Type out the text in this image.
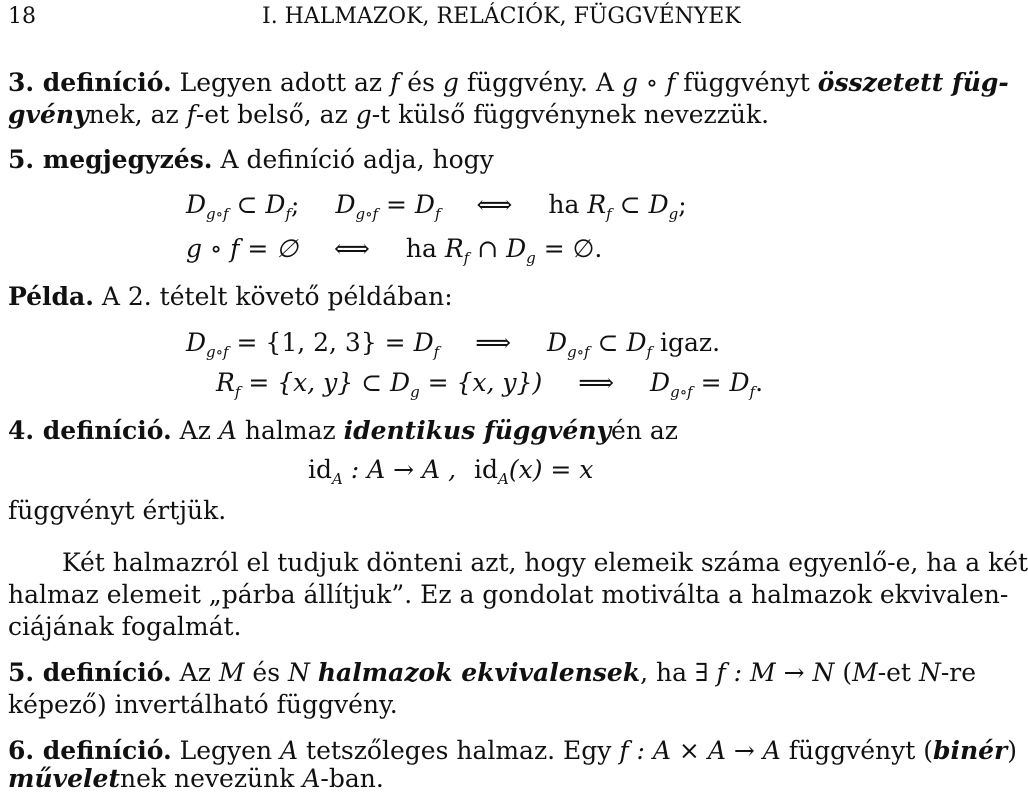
18	I. HALMAZOK, RELÁCIÓK, FÜGGVÉNYEK
3. definíció. Legyen adott az f és g függvény. A g ∘ f függvényt összetett füg-
gvénynek, az f-et belső, az g-t külső függvénynek nevezzük.
5. megjegyzés. A definíció adja, hogy
$D_{g\circ f}$ ⊂ $D_f$; $D_{g\circ f} = D_f$ ⟺ ha $R_f$ ⊂ $D_g$;
g ∘ f = ∅ ⟺ ha $R_f$ ∩ $D_g$ = ∅.
Példa. A 2. tételt követő példában:
$D_{g\circ f} = \{1$, 2, $3\} = D_f$ ⟹ $D_{g\circ f}$ ⊂ $D_f$ igaz.
$R_f = \{x$, y} ⊂ $D_g = \{x$, y}) ⟹ $D_{g\circ f} = D_f$.
4. definíció. Az A halmaz identikus függvényén az
$id_A$ : A → A , $id_A(x) = x$
függvényt értjük.
Két halmazról el tudjuk dönteni azt, hogy elemeik száma egyenlő-e, ha a két
halmaz elemeit „párba állítjuk”. Ez a gondolat motiválta a halmazok ekvivalen-
ciájának fogalmát.
5. definíció. Az M és N halmazok ekvivalensek, ha ∃ f : M → N (M-et N-re
képező) invertálható függvény.
6. definíció. Legyen A tetszőleges halmaz. Egy f : A × A → A függvényt (binér)
műveletnek nevezünk A-ban.
